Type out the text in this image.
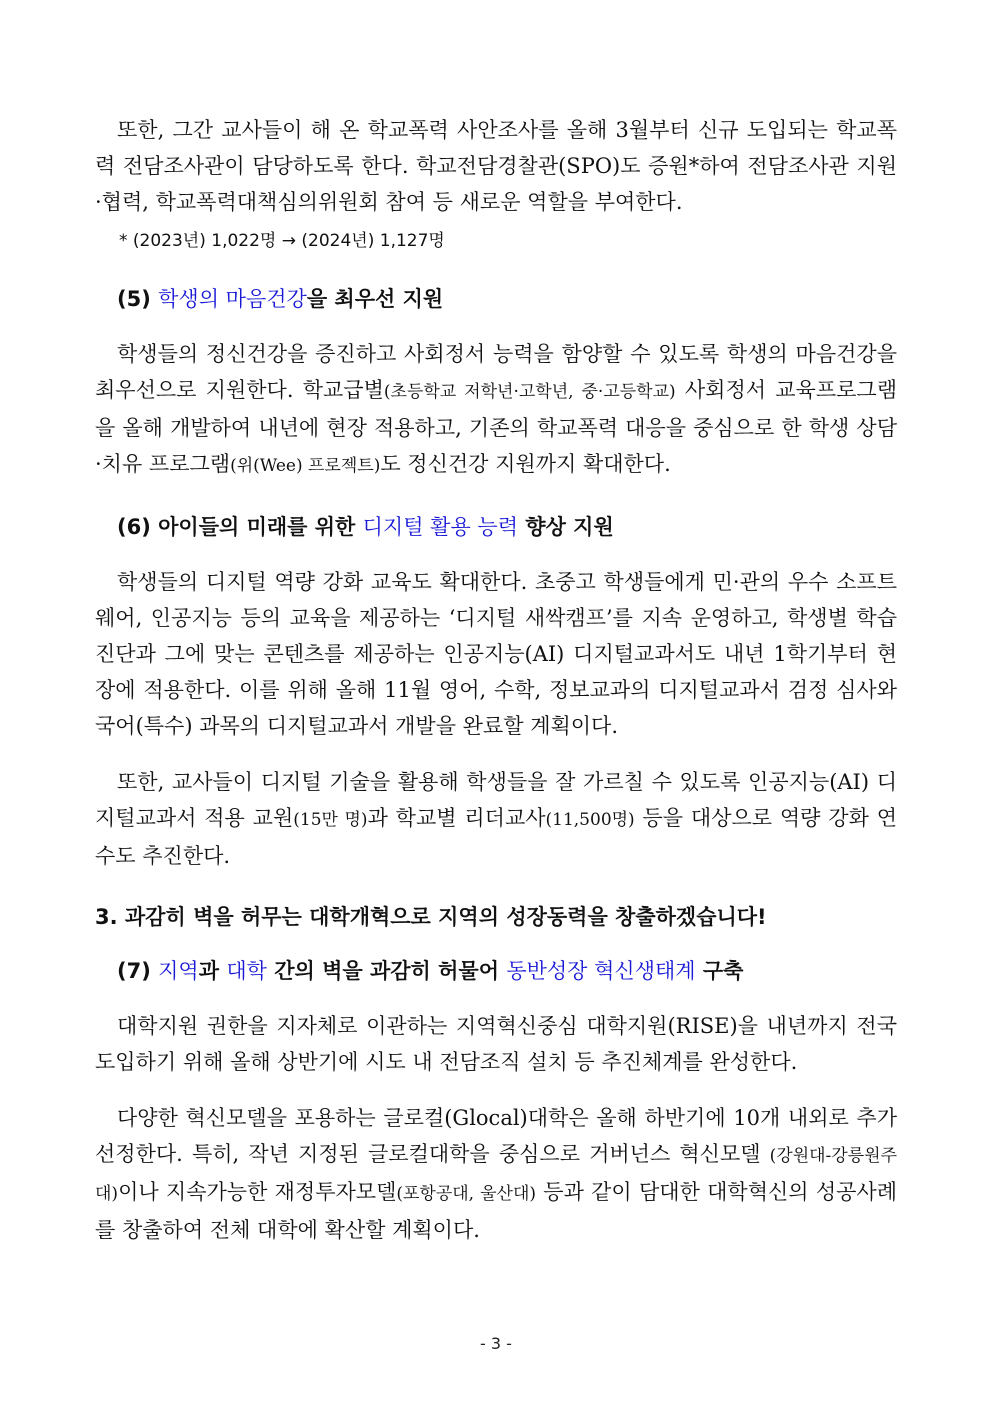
또한, 그간 교사들이 해 온 학교폭력 사안조사를 올해 3월부터 신규 도입되는 학교폭력 전담조사관이 담당하도록 한다. 학교전담경찰관(SPO)도 증원*하여 전담조사관 지원·협력, 학교폭력대책심의위원회 참여 등 새로운 역할을 부여한다.

* (2023년) 1,022명 → (2024년) 1,127명

(5) 학생의 마음건강을 최우선 지원

학생들의 정신건강을 증진하고 사회정서 능력을 함양할 수 있도록 학생의 마음건강을 최우선으로 지원한다. 학교급별(초등학교 저학년·고학년, 중·고등학교) 사회정서 교육프로그램을 올해 개발하여 내년에 현장 적용하고, 기존의 학교폭력 대응을 중심으로 한 학생 상담·치유 프로그램(위(Wee) 프로젝트)도 정신건강 지원까지 확대한다.

(6) 아이들의 미래를 위한 디지털 활용 능력 향상 지원

학생들의 디지털 역량 강화 교육도 확대한다. 초중고 학생들에게 민·관의 우수 소프트웨어, 인공지능 등의 교육을 제공하는 ‘디지털 새싹캠프’를 지속 운영하고, 학생별 학습진단과 그에 맞는 콘텐츠를 제공하는 인공지능(AI) 디지털교과서도 내년 1학기부터 현장에 적용한다. 이를 위해 올해 11월 영어, 수학, 정보교과의 디지털교과서 검정 심사와 국어(특수) 과목의 디지털교과서 개발을 완료할 계획이다.

또한, 교사들이 디지털 기술을 활용해 학생들을 잘 가르칠 수 있도록 인공지능(AI) 디지털교과서 적용 교원(15만 명)과 학교별 리더교사(11,500명) 등을 대상으로 역량 강화 연수도 추진한다.

3. 과감히 벽을 허무는 대학개혁으로 지역의 성장동력을 창출하겠습니다!
(7) 지역과 대학 간의 벽을 과감히 허물어 동반성장 혁신생태계 구축

대학지원 권한을 지자체로 이관하는 지역혁신중심 대학지원(RISE)을 내년까지 전국 도입하기 위해 올해 상반기에 시도 내 전담조직 설치 등 추진체계를 완성한다.

다양한 혁신모델을 포용하는 글로컬(Glocal)대학은 올해 하반기에 10개 내외로 추가 선정한다. 특히, 작년 지정된 글로컬대학을 중심으로 거버넌스 혁신모델 (강원대-강릉원주대)이나 지속가능한 재정투자모델(포항공대, 울산대) 등과 같이 담대한 대학혁신의 성공사례를 창출하여 전체 대학에 확산할 계획이다.

- 3 -
